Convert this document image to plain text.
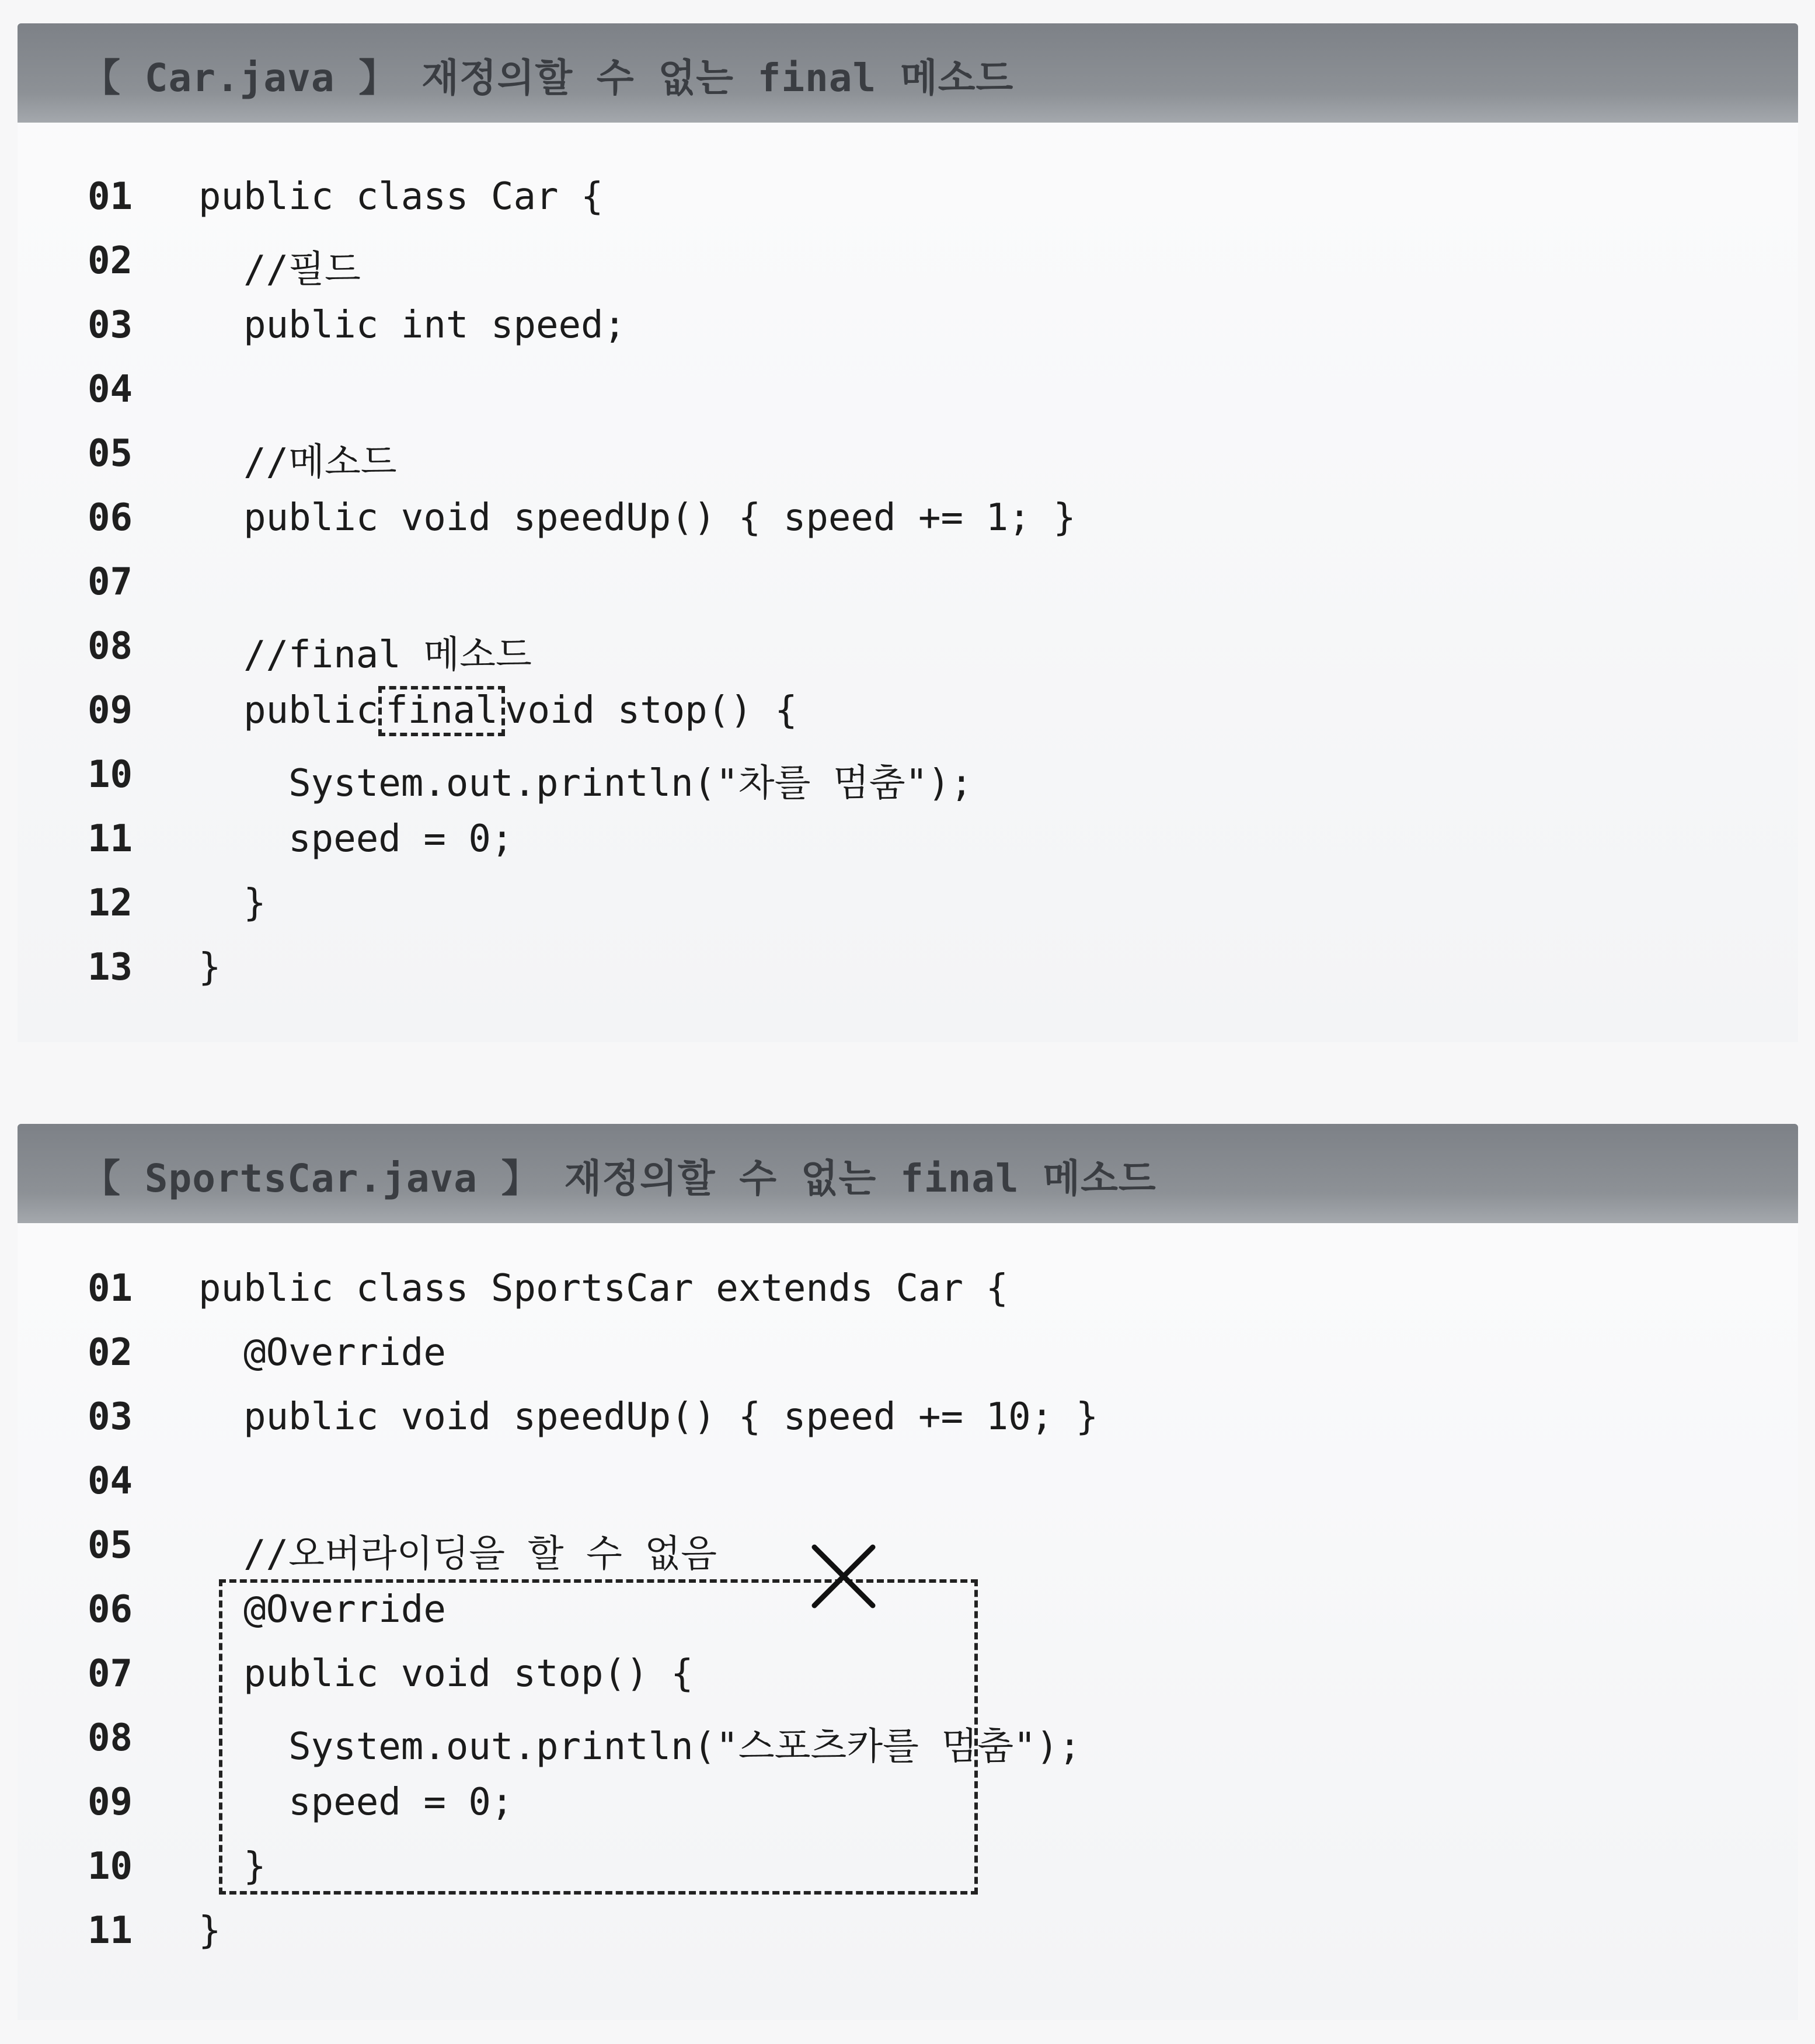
【 Car.java 】 재정의할 수 없는 final 메소드
01	public class Car {
02	//필드
03	public int speed;
04
05	//메소드
06	public void speedUp() { speed += 1; }
07
08	//final 메소드
09	public final void stop() {
10	System.out.println("차를 멈춤");
11	speed = 0;
12	}
13	}
【 SportsCar.java 】 재정의할 수 없는 final 메소드
01	public class SportsCar extends Car {
02	@Override
03	public void speedUp() { speed += 10; }
04
05	//오버라이딩을 할 수 없음
06	@Override
07	public void stop() {
08	System.out.println("스포츠카를 멈춤");
09	speed = 0;
10	}
11	}
